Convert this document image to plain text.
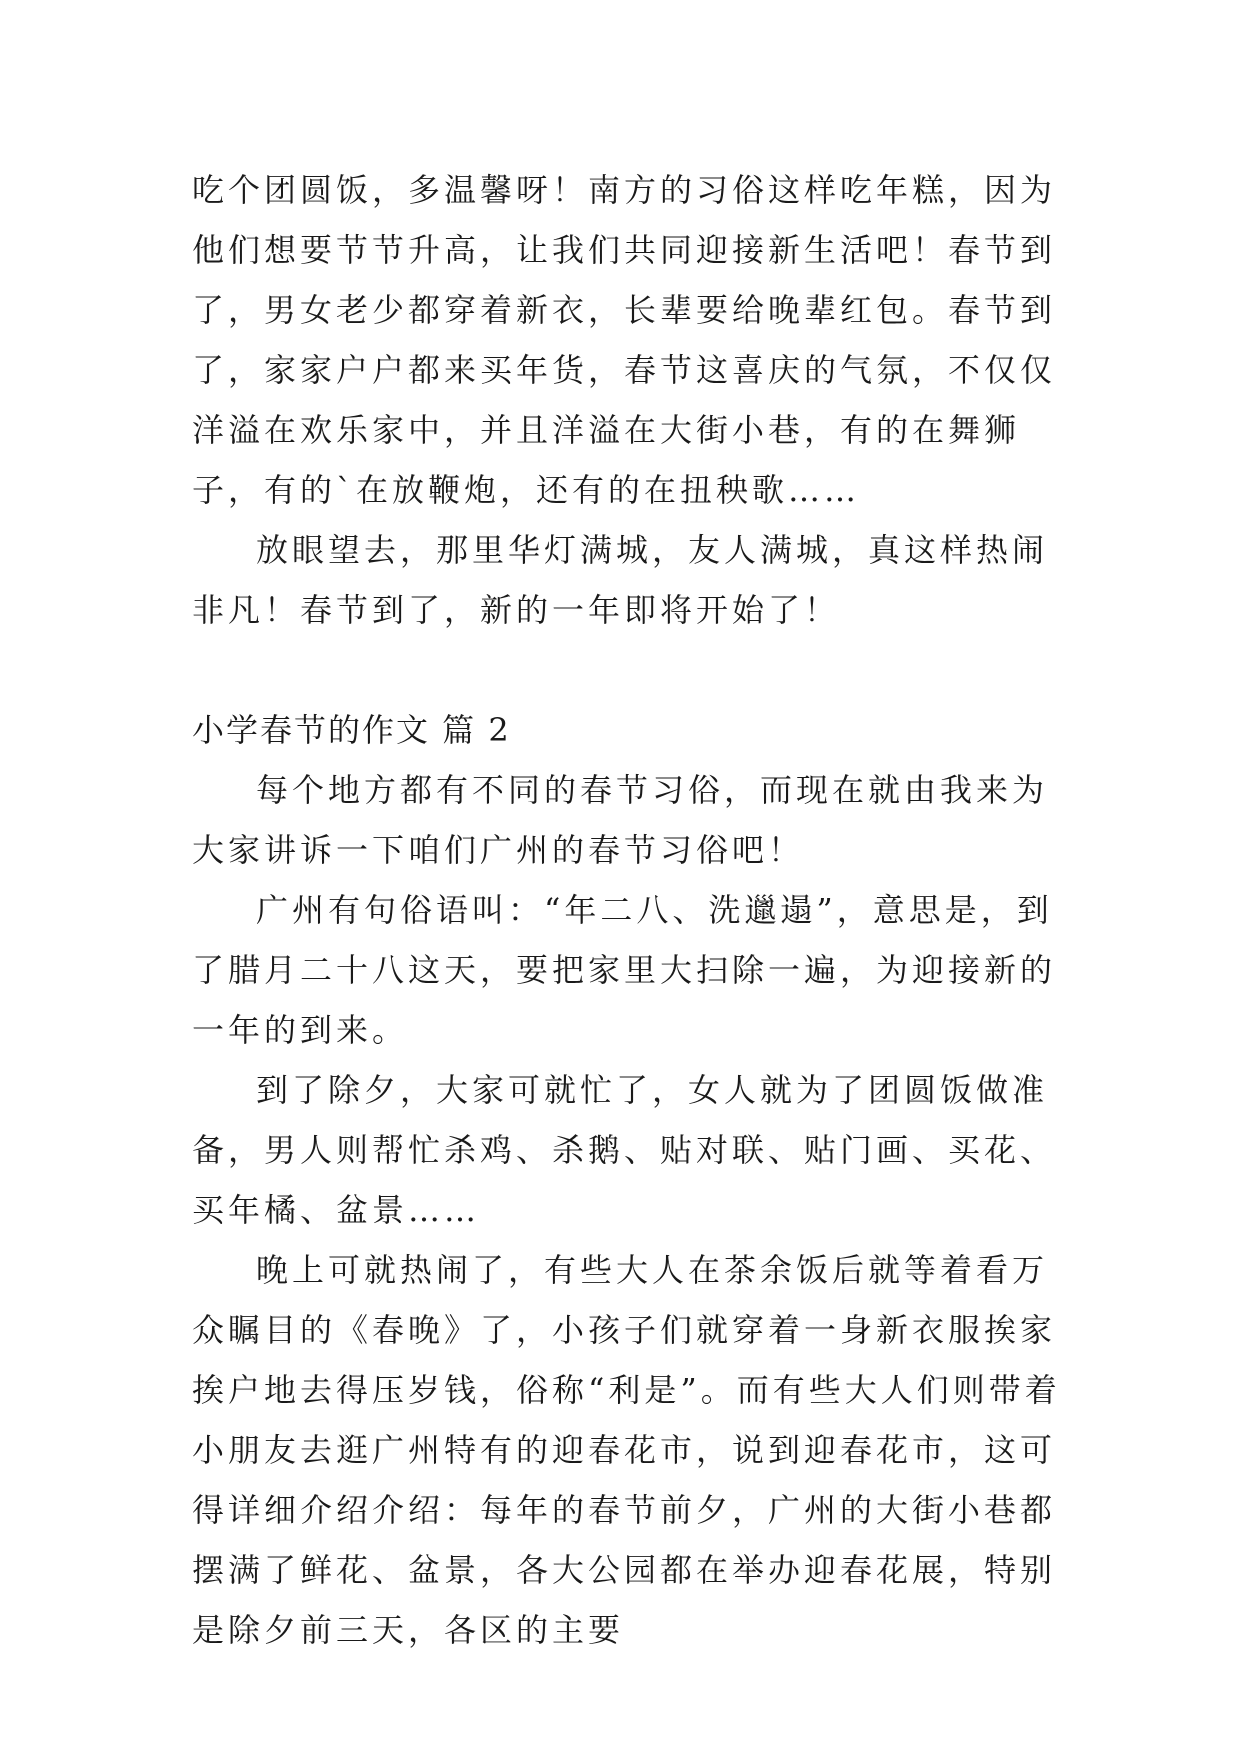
吃个团圆饭，多温馨呀！南方的习俗这样吃年糕，因为他们想要节节升高，让我们共同迎接新生活吧！春节到了，男女老少都穿着新衣，长辈要给晚辈红包。春节到了，家家户户都来买年货，春节这喜庆的气氛，不仅仅洋溢在欢乐家中，并且洋溢在大街小巷，有的在舞狮子，有的`在放鞭炮，还有的在扭秧歌……

放眼望去，那里华灯满城，友人满城，真这样热闹非凡！春节到了，新的一年即将开始了！

小学春节的作文 篇 2

每个地方都有不同的春节习俗，而现在就由我来为大家讲诉一下咱们广州的春节习俗吧！

广州有句俗语叫：“年二八、洗邋遢”，意思是，到了腊月二十八这天，要把家里大扫除一遍，为迎接新的一年的到来。

到了除夕，大家可就忙了，女人就为了团圆饭做准备，男人则帮忙杀鸡、杀鹅、贴对联、贴门画、买花、买年橘、盆景……

晚上可就热闹了，有些大人在茶余饭后就等着看万众瞩目的《春晚》了，小孩子们就穿着一身新衣服挨家挨户地去得压岁钱，俗称“利是”。而有些大人们则带着小朋友去逛广州特有的迎春花市，说到迎春花市，这可得详细介绍介绍：每年的春节前夕，广州的大街小巷都摆满了鲜花、盆景，各大公园都在举办迎春花展，特别是除夕前三天，各区的主要
